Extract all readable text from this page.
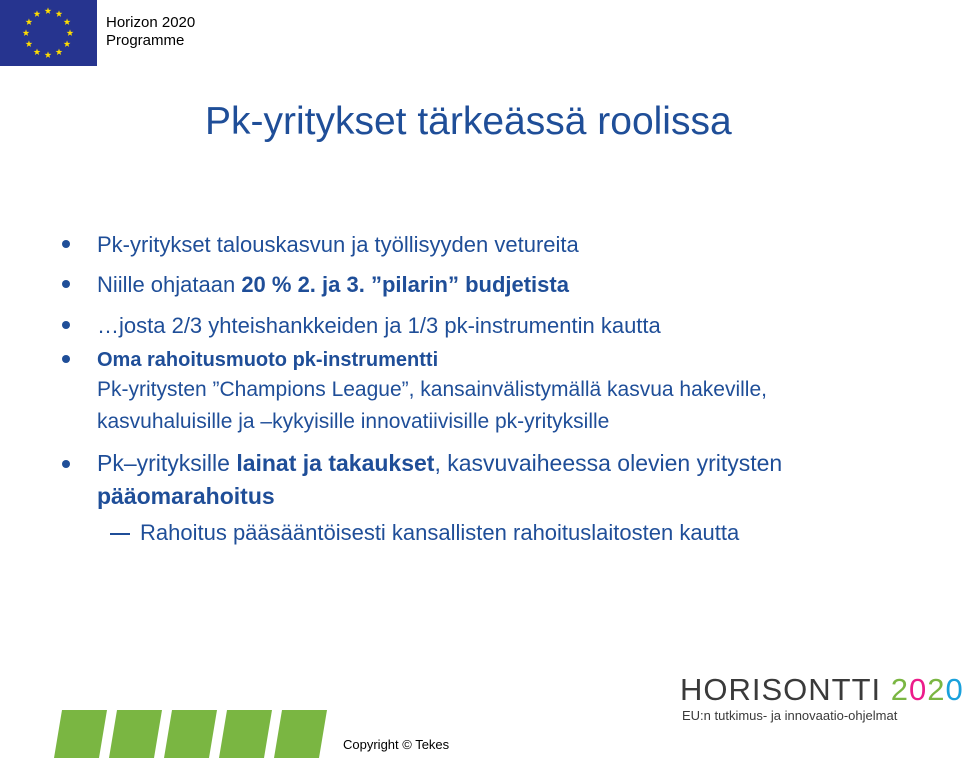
Horizon 2020
Programme
Pk-yritykset tärkeässä roolissa
Pk-yritykset talouskasvun ja työllisyyden vetureita
Niille ohjataan 20 % 2. ja 3. ”pilarin” budjetista
…josta 2/3 yhteishankkeiden ja 1/3 pk-instrumentin kautta
Oma rahoitusmuoto pk-instrumentti
Pk-yritysten ”Champions League”, kansainvälistymällä kasvua hakeville,
kasvuhaluisille ja –kykyisille innovatiivisille pk-yrityksille
Pk–yrityksille lainat ja takaukset, kasvuvaiheessa olevien yritysten
pääomarahoitus
Rahoitus pääsääntöisesti kansallisten rahoituslaitosten kautta
Copyright © Tekes
HORISONTTI 2020
EU:n tutkimus- ja innovaatio-ohjelmat
